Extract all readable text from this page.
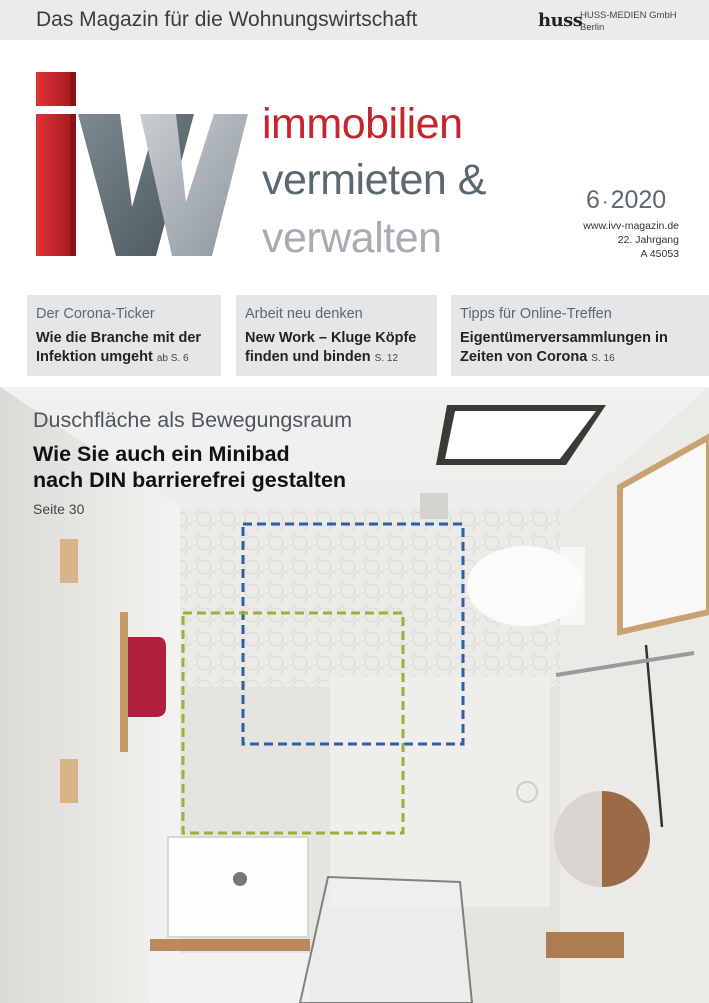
Das Magazin für die Wohnungswirtschaft	huss
HUSS-MEDIEN GmbH
Berlin
immobilien
vermieten &
verwalten
6 ·2020
www.ivv-magazin.de
22. Jahrgang
A 45053
Der Corona-Ticker
Wie die Branche mit der
Infektion umgeht ab S. 6
Arbeit neu denken
New Work – Kluge Köpfe
finden und binden S. 12
Tipps für Online-Treffen
Eigentümerversammlungen in
Zeiten von Corona S. 16
Duschfläche als Bewegungsraum
Wie Sie auch ein Minibad
nach DIN barrierefrei gestalten
Seite 30
